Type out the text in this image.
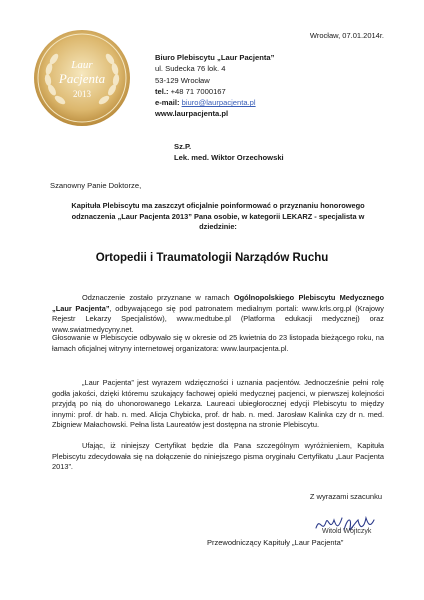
Wrocław, 07.01.2014r.
Laur
Pacjenta
2013
Biuro Plebiscytu „Laur Pacjenta”
ul. Sudecka 76 lok. 4
53-129 Wrocław
tel.: +48 71 7000167
e-mail: biuro@laurpacjenta.pl
www.laurpacjenta.pl
Sz.P.
Lek. med. Wiktor Orzechowski
Szanowny Panie Doktorze,
Kapituła Plebiscytu ma zaszczyt oficjalnie poinformować o przyznaniu honorowego odznaczenia „Laur Pacjenta 2013” Pana osobie, w kategorii LEKARZ - specjalista w dziedzinie:
Ortopedii i Traumatologii Narządów Ruchu
Odznaczenie zostało przyznane w ramach Ogólnopolskiego Plebiscytu Medycznego „Laur Pacjenta”, odbywającego się pod patronatem medialnym portali: www.krls.org.pl (Krajowy Rejestr Lekarzy Specjalistów), www.medtube.pl (Platforma edukacji medycznej) oraz www.swiatmedycyny.net.
Głosowanie w Plebiscycie odbywało się w okresie od 25 kwietnia do 23 listopada bieżącego roku, na łamach oficjalnej witryny internetowej organizatora: www.laurpacjenta.pl.
„Laur Pacjenta” jest wyrazem wdzięczności i uznania pacjentów. Jednocześnie pełni rolę godła jakości, dzięki któremu szukający fachowej opieki medycznej pacjenci, w pierwszej kolejności przyjdą po nią do uhonorowanego Lekarza. Laureaci ubiegłorocznej edycji Plebiscytu to między innymi: prof. dr hab. n. med. Alicja Chybicka, prof. dr hab. n. med. Jarosław Kalinka czy dr n. med. Zbigniew Małachowski. Pełna lista Laureatów jest dostępna na stronie Plebiscytu.
Ufając, iż niniejszy Certyfikat będzie dla Pana szczególnym wyróżnieniem, Kapituła Plebiscytu zdecydowała się na dołączenie do niniejszego pisma oryginału Certyfikatu „Laur Pacjenta 2013”.
Z wyrazami szacunku
Witold Wójtczyk
Przewodniczący Kapituły „Laur Pacjenta”
